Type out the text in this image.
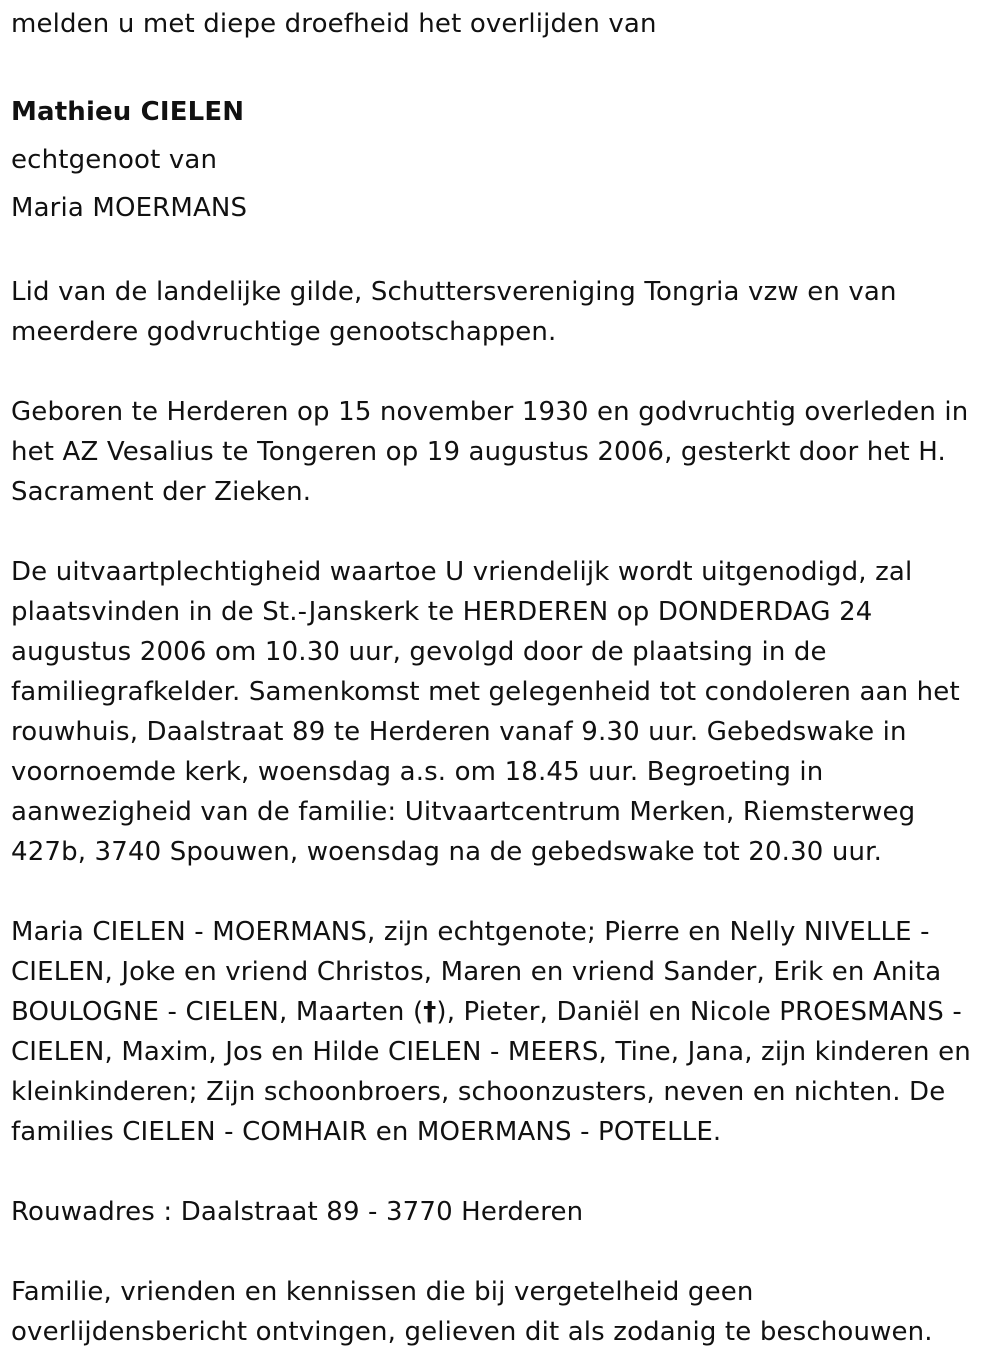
melden u met diepe droefheid het overlijden van

Mathieu CIELEN

echtgenoot van

Maria MOERMANS

Lid van de landelijke gilde, Schuttersvereniging Tongria vzw en van meerdere godvruchtige genootschappen.

Geboren te Herderen op 15 november 1930 en godvruchtig overleden in het AZ Vesalius te Tongeren op 19 augustus 2006, gesterkt door het H. Sacrament der Zieken.

De uitvaartplechtigheid waartoe U vriendelijk wordt uitgenodigd, zal plaatsvinden in de St.-Janskerk te HERDEREN op DONDERDAG 24 augustus 2006 om 10.30 uur, gevolgd door de plaatsing in de familiegrafkelder. Samenkomst met gelegenheid tot condoleren aan het rouwhuis, Daalstraat 89 te Herderen vanaf 9.30 uur. Gebedswake in voornoemde kerk, woensdag a.s. om 18.45 uur. Begroeting in aanwezigheid van de familie: Uitvaartcentrum Merken, Riemsterweg 427b, 3740 Spouwen, woensdag na de gebedswake tot 20.30 uur.

Maria CIELEN - MOERMANS, zijn echtgenote; Pierre en Nelly NIVELLE - CIELEN, Joke en vriend Christos, Maren en vriend Sander, Erik en Anita BOULOGNE - CIELEN, Maarten (†), Pieter, Daniël en Nicole PROESMANS - CIELEN, Maxim, Jos en Hilde CIELEN - MEERS, Tine, Jana, zijn kinderen en kleinkinderen; Zijn schoonbroers, schoonzusters, neven en nichten. De families CIELEN - COMHAIR en MOERMANS - POTELLE.

Rouwadres : Daalstraat 89 - 3770 Herderen

Familie, vrienden en kennissen die bij vergetelheid geen overlijdensbericht ontvingen, gelieven dit als zodanig te beschouwen.
